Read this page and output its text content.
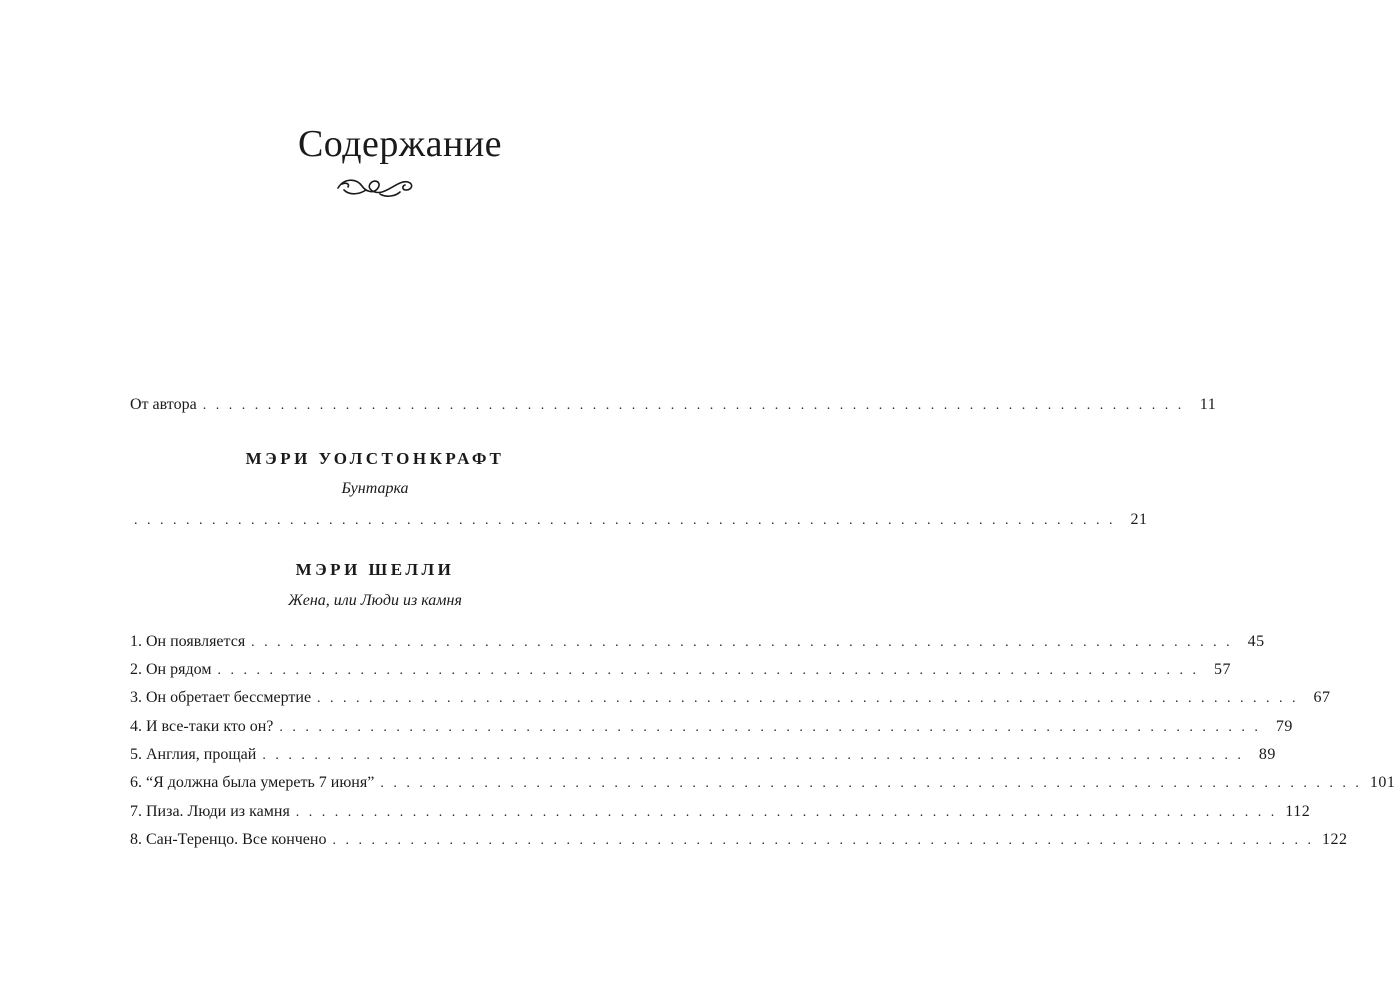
Содержание
От автора . . . . . . . . . . . . . . . . . . . . . . . . . . . . . . . . . . . . . . . . . . . . . . . . . . . . . . . . . . . . . . . . . . . . . . . . . . . . 11
МЭРИ УОЛСТОНКРАФТ
Бунтарка
. . . . . . . . . . . . . . . . . . . . . . . . . . . . . . . . . . . . . . . . . . . . . . . . . . . . . . . . . . . . . . . . . . . . . . . . . . . . 21
МЭРИ ШЕЛЛИ
Жена, или Люди из камня
1. Он появляется . . . . . . . . . . . . . . . . . . . . . . . . . . . . . . . . . . . . . . . . . . . . . . . . . . . . . . . . . . . . . . . . . . . . . . . . . . . . 45
2. Он рядом . . . . . . . . . . . . . . . . . . . . . . . . . . . . . . . . . . . . . . . . . . . . . . . . . . . . . . . . . . . . . . . . . . . . . . . . . . . . 57
3. Он обретает бессмертие . . . . . . . . . . . . . . . . . . . . . . . . . . . . . . . . . . . . . . . . . . . . . . . . . . . . . . . . . . . . . . . . . . . . . . . . . . . . 67
4. И все-таки кто он? . . . . . . . . . . . . . . . . . . . . . . . . . . . . . . . . . . . . . . . . . . . . . . . . . . . . . . . . . . . . . . . . . . . . . . . . . . . . 79
5. Англия, прощай . . . . . . . . . . . . . . . . . . . . . . . . . . . . . . . . . . . . . . . . . . . . . . . . . . . . . . . . . . . . . . . . . . . . . . . . . . . . 89
6. “Я должна была умереть 7 июня” . . . . . . . . . . . . . . . . . . . . . . . . . . . . . . . . . . . . . . . . . . . . . . . . . . . . . . . . . . . . . . . . . . . . . . . . . . . . 101
7. Пиза. Люди из камня . . . . . . . . . . . . . . . . . . . . . . . . . . . . . . . . . . . . . . . . . . . . . . . . . . . . . . . . . . . . . . . . . . . . . . . . . . . . 112
8. Сан-Теренцо. Все кончено . . . . . . . . . . . . . . . . . . . . . . . . . . . . . . . . . . . . . . . . . . . . . . . . . . . . . . . . . . . . . . . . . . . . . . . . . . . . 122
